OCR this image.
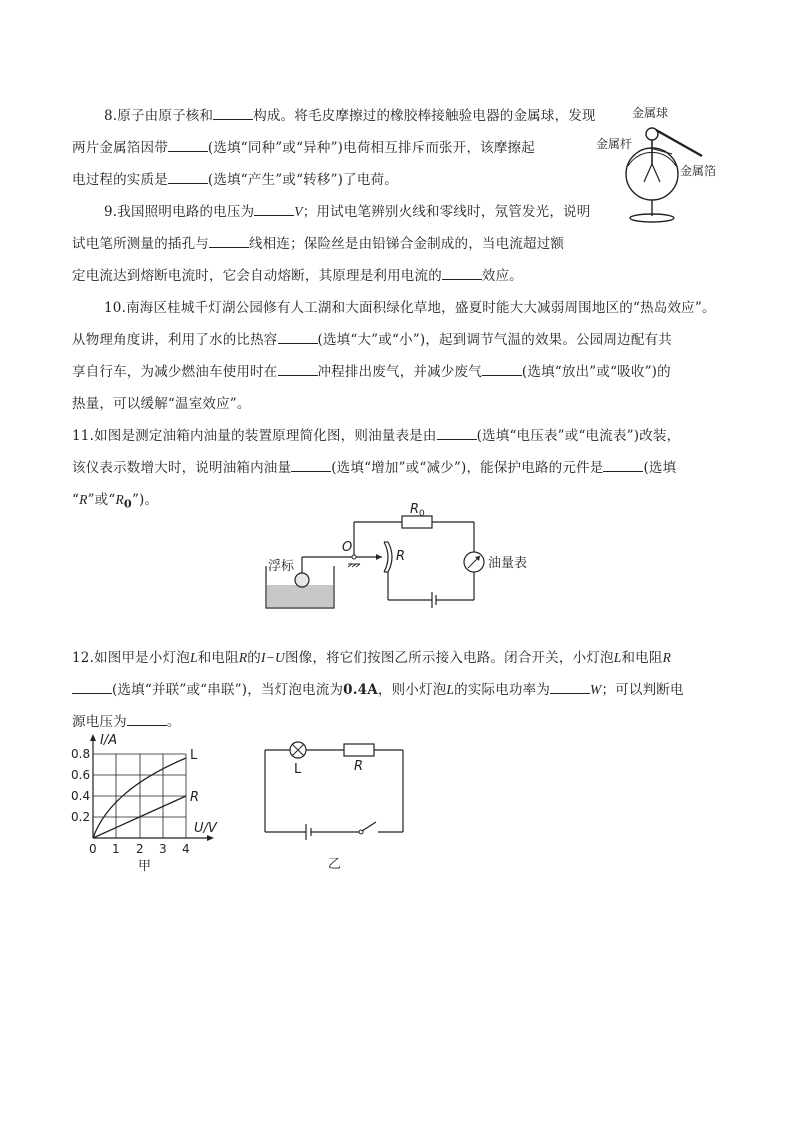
8.原子由原子核和	构成。将毛皮摩擦过的橡胶棒接触验电器的金属球，发现
两片金属箔因带	(选填“同种”或“异种”)电荷相互排斥而张开，该摩擦起
电过程的实质是	(选填“产生”或“转移”)了电荷。
金属球
金属杆
金属箔
9.我国照明电路的电压为	V；用试电笔辨别火线和零线时，氖管发光，说明
试电笔所测量的插孔与	线相连；保险丝是由铅锑合金制成的，当电流超过额
定电流达到熔断电流时，它会自动熔断，其原理是利用电流的	效应。
10.南海区桂城千灯湖公园修有人工湖和大面积绿化草地，盛夏时能大大减弱周围地区的“热岛效应”。
从物理角度讲，利用了水的比热容	(选填“大”或“小”)，起到调节气温的效果。公园周边配有共
享自行车，为减少燃油车使用时在	冲程排出废气，并减少废气	(选填“放出”或“吸收”)的
热量，可以缓解“温室效应”。
11.如图是测定油箱内油量的装置原理简化图，则油量表是由	(选填“电压表”或“电流表”)改装，
该仪表示数增大时，说明油箱内油量	(选填“增加”或“减少”)，能保护电路的元件是	(选填
“R”或“$R_0$”)。
浮标
O
$R_0$
油量表
R
12.如图甲是小灯泡L和电阻R的I−U图像，将它们按图乙所示接入电路。闭合开关，小灯泡L和电阻R
(选填“并联”或“串联”)，当灯泡电流为0.4A，则小灯泡L的实际电功率为	W；可以判断电
源电压为	。
I/A
U/V
L
R
0.8
0.6
0.4
0.2
0 1 2 3 4
甲
L	R
乙
